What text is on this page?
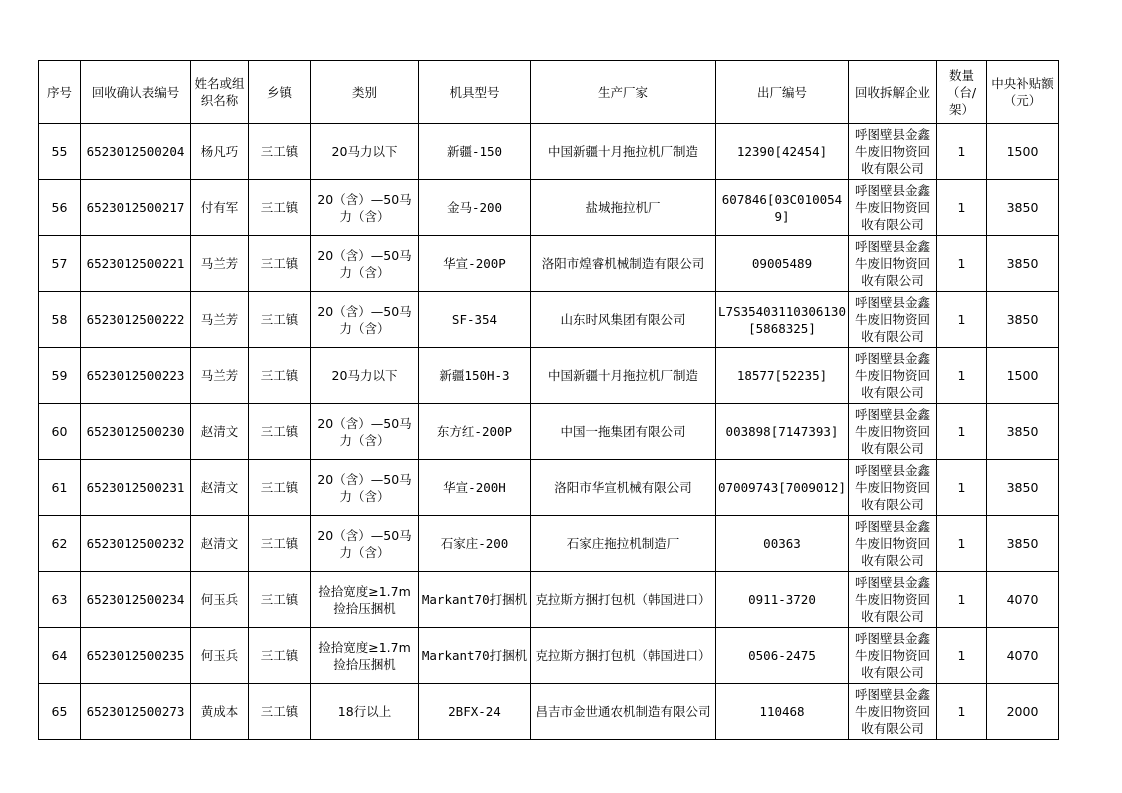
序号	回收确认表编号	姓名或组织名称	乡镇	类别	机具型号	生产厂家	出厂编号	回收拆解企业	数量（台/架）	中央补贴额（元）
55	6523012500204	杨凡巧	三工镇	20马力以下	新疆-150	中国新疆十月拖拉机厂制造	12390[42454]	呼图壁县金鑫牛废旧物资回收有限公司	1	1500
56	6523012500217	付有军	三工镇	20（含）—50马力（含）	金马-200	盐城拖拉机厂	607846[03C0100549]	呼图壁县金鑫牛废旧物资回收有限公司	1	3850
57	6523012500221	马兰芳	三工镇	20（含）—50马力（含）	华宣-200P	洛阳市煌睿机械制造有限公司	09005489	呼图壁县金鑫牛废旧物资回收有限公司	1	3850
58	6523012500222	马兰芳	三工镇	20（含）—50马力（含）	SF-354	山东时风集团有限公司	L7S35403110306130[5868325]	呼图壁县金鑫牛废旧物资回收有限公司	1	3850
59	6523012500223	马兰芳	三工镇	20马力以下	新疆150H-3	中国新疆十月拖拉机厂制造	18577[52235]	呼图壁县金鑫牛废旧物资回收有限公司	1	1500
60	6523012500230	赵清文	三工镇	20（含）—50马力（含）	东方红-200P	中国一拖集团有限公司	003898[7147393]	呼图壁县金鑫牛废旧物资回收有限公司	1	3850
61	6523012500231	赵清文	三工镇	20（含）—50马力（含）	华宣-200H	洛阳市华宣机械有限公司	07009743[7009012]	呼图壁县金鑫牛废旧物资回收有限公司	1	3850
62	6523012500232	赵清文	三工镇	20（含）—50马力（含）	石家庄-200	石家庄拖拉机制造厂	00363	呼图壁县金鑫牛废旧物资回收有限公司	1	3850
63	6523012500234	何玉兵	三工镇	捡拾宽度≥1.7m捡拾压捆机	Markant70打捆机	克拉斯方捆打包机（韩国进口）	0911-3720	呼图壁县金鑫牛废旧物资回收有限公司	1	4070
64	6523012500235	何玉兵	三工镇	捡拾宽度≥1.7m捡拾压捆机	Markant70打捆机	克拉斯方捆打包机（韩国进口）	0506-2475	呼图壁县金鑫牛废旧物资回收有限公司	1	4070
65	6523012500273	黄成本	三工镇	18行以上	2BFX-24	昌吉市金世通农机制造有限公司	110468	呼图壁县金鑫牛废旧物资回收有限公司	1	2000
